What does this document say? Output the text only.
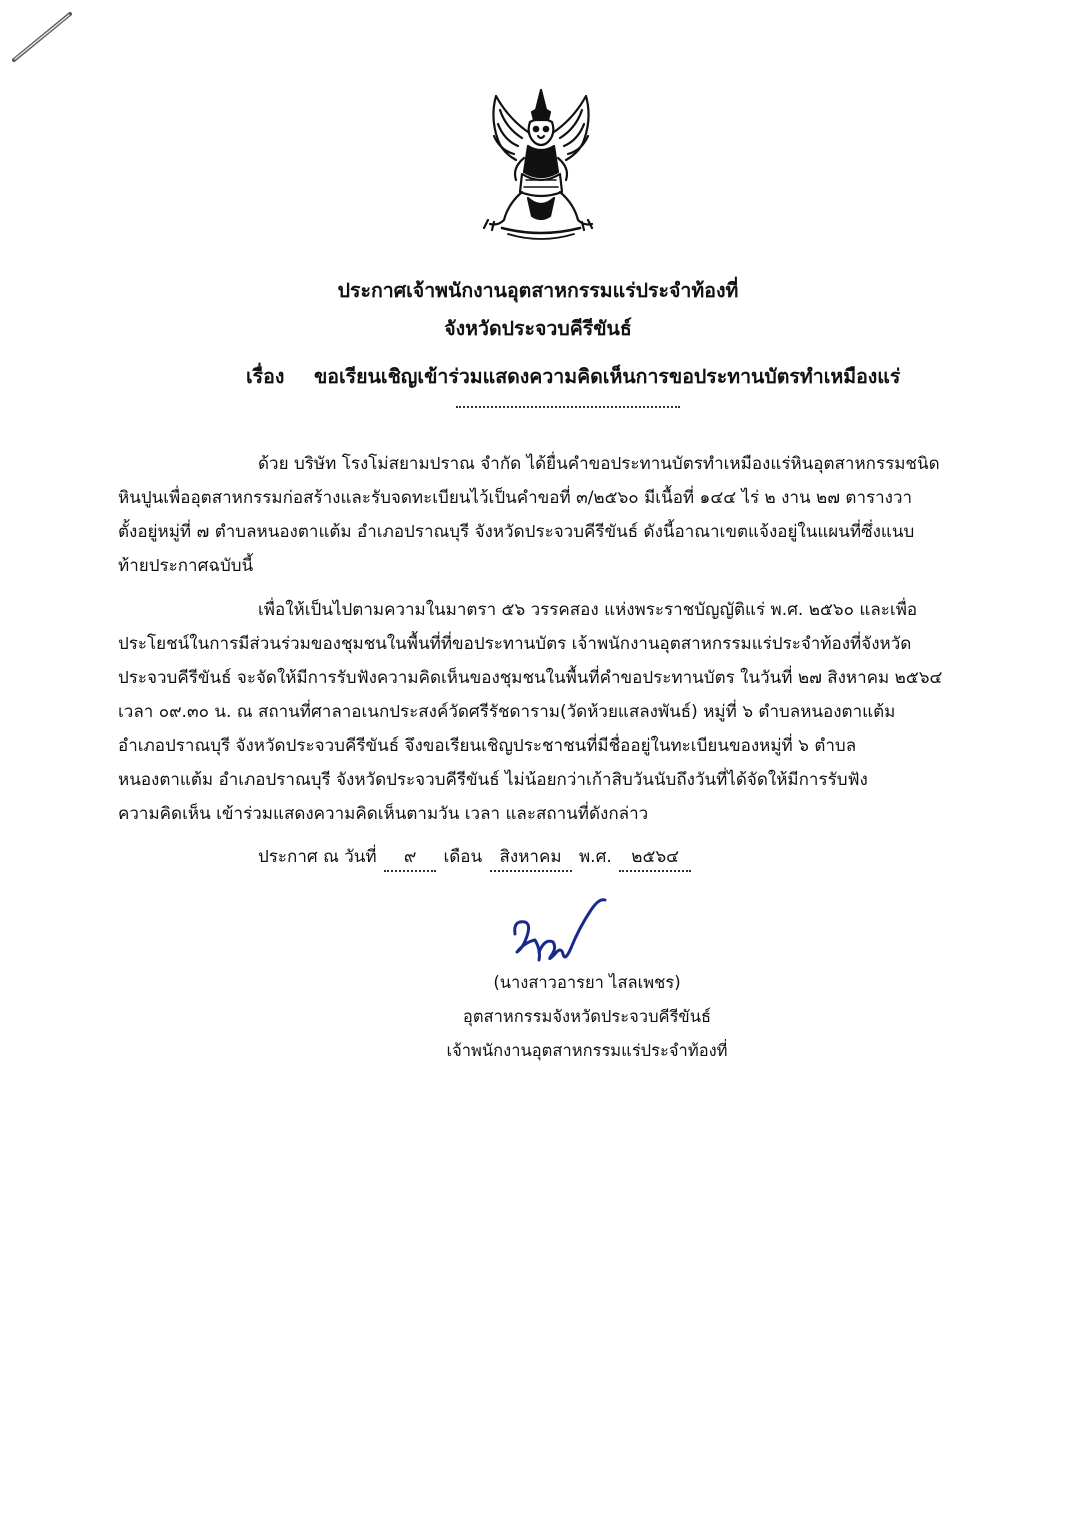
ประกาศเจ้าพนักงานอุตสาหกรรมแร่ประจำท้องที่
จังหวัดประจวบคีรีขันธ์
เรื่อง ขอเรียนเชิญเข้าร่วมแสดงความคิดเห็นการขอประทานบัตรทำเหมืองแร่
ด้วย บริษัท โรงโม่สยามปราณ จำกัด ได้ยื่นคำขอประทานบัตรทำเหมืองแร่หินอุตสาหกรรมชนิด
หินปูนเพื่ออุตสาหกรรมก่อสร้างและรับจดทะเบียนไว้เป็นคำขอที่ ๓/๒๕๖๐ มีเนื้อที่ ๑๔๔ ไร่ ๒ งาน ๒๗ ตารางวา
ตั้งอยู่หมู่ที่ ๗ ตำบลหนองตาแต้ม อำเภอปราณบุรี จังหวัดประจวบคีรีขันธ์ ดังนี้อาณาเขตแจ้งอยู่ในแผนที่ซึ่งแนบ
ท้ายประกาศฉบับนี้
เพื่อให้เป็นไปตามความในมาตรา ๕๖ วรรคสอง แห่งพระราชบัญญัติแร่ พ.ศ. ๒๕๖๐ และเพื่อ
ประโยชน์ในการมีส่วนร่วมของชุมชนในพื้นที่ที่ขอประทานบัตร เจ้าพนักงานอุตสาหกรรมแร่ประจำท้องที่จังหวัด
ประจวบคีรีขันธ์ จะจัดให้มีการรับฟังความคิดเห็นของชุมชนในพื้นที่คำขอประทานบัตร ในวันที่ ๒๗ สิงหาคม ๒๕๖๔
เวลา ๐๙.๓๐ น. ณ สถานที่ศาลาอเนกประสงค์วัดศรีรัชดาราม(วัดห้วยแสลงพันธ์) หมู่ที่ ๖ ตำบลหนองตาแต้ม
อำเภอปราณบุรี จังหวัดประจวบคีรีขันธ์ จึงขอเรียนเชิญประชาชนที่มีชื่ออยู่ในทะเบียนของหมู่ที่ ๖ ตำบล
หนองตาแต้ม อำเภอปราณบุรี จังหวัดประจวบคีรีขันธ์ ไม่น้อยกว่าเก้าสิบวันนับถึงวันที่ได้จัดให้มีการรับฟัง
ความคิดเห็น เข้าร่วมแสดงความคิดเห็นตามวัน เวลา และสถานที่ดังกล่าว
ประกาศ ณ วันที่ ๙ เดือน สิงหาคม พ.ศ. ๒๕๖๔
(นางสาวอารยา ไสลเพชร)
อุตสาหกรรมจังหวัดประจวบคีรีขันธ์
เจ้าพนักงานอุตสาหกรรมแร่ประจำท้องที่
